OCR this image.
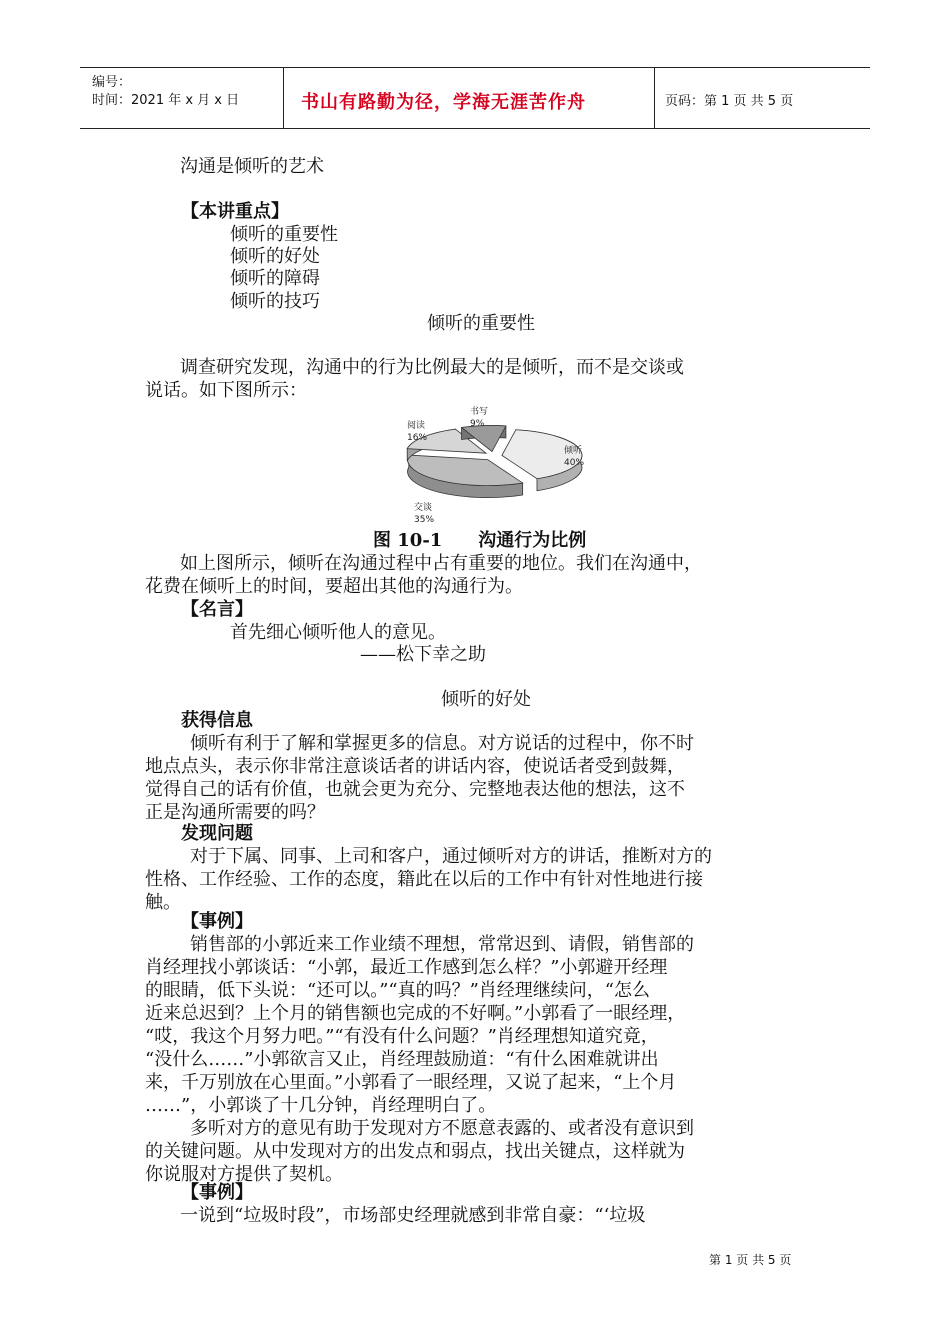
编号：
时间：2021 年 x 月 x 日	书山有路勤为径，学海无涯苦作舟	页码：第 1 页 共 5 页
沟通是倾听的艺术
【本讲重点】
倾听的重要性
倾听的好处
倾听的障碍
倾听的技巧
倾听的重要性
调查研究发现，沟通中的行为比例最大的是倾听，而不是交谈或
说话。如下图所示：
倾听 40%
交谈 35%
阅读 16%
书写 9%
图 10-1　　沟通行为比例
如上图所示，倾听在沟通过程中占有重要的地位。我们在沟通中，
花费在倾听上的时间，要超出其他的沟通行为。
【名言】
首先细心倾听他人的意见。
——松下幸之助
倾听的好处
获得信息
倾听有利于了解和掌握更多的信息。对方说话的过程中，你不时
地点点头，表示你非常注意谈话者的讲话内容，使说话者受到鼓舞，
觉得自己的话有价值，也就会更为充分、完整地表达他的想法，这不
正是沟通所需要的吗？
发现问题
对于下属、同事、上司和客户，通过倾听对方的讲话，推断对方的
性格、工作经验、工作的态度，籍此在以后的工作中有针对性地进行接
触。
【事例】
销售部的小郭近来工作业绩不理想，常常迟到、请假，销售部的
肖经理找小郭谈话：“小郭，最近工作感到怎么样？”小郭避开经理
的眼睛，低下头说：“还可以。”“真的吗？”肖经理继续问，“怎么
近来总迟到？上个月的销售额也完成的不好啊。”小郭看了一眼经理，
“哎，我这个月努力吧。”“有没有什么问题？”肖经理想知道究竟，
“没什么……”小郭欲言又止，肖经理鼓励道：“有什么困难就讲出
来，千万别放在心里面。”小郭看了一眼经理，又说了起来，“上个月
……”，小郭谈了十几分钟，肖经理明白了。
多听对方的意见有助于发现对方不愿意表露的、或者没有意识到
的关键问题。从中发现对方的出发点和弱点，找出关键点，这样就为
你说服对方提供了契机。
【事例】
一说到“垃圾时段”，市场部史经理就感到非常自豪：“‘垃圾
第 1 页 共 5 页
